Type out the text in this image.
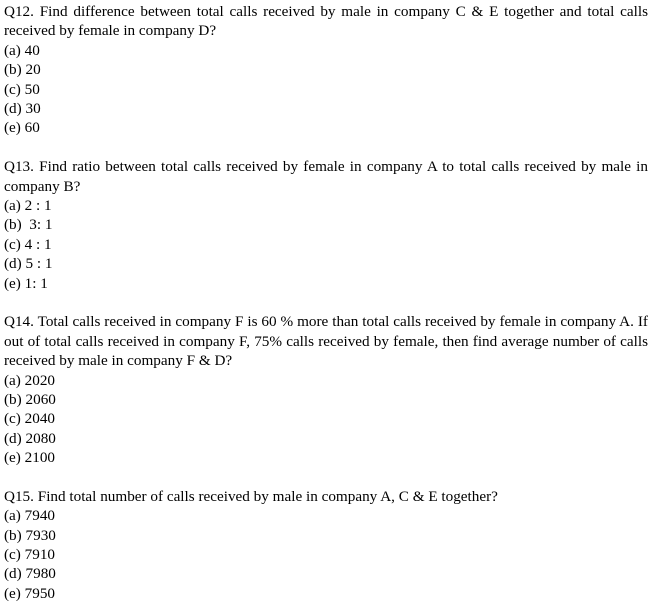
Q12. Find difference between total calls received by male in company C & E together and total calls received by female in company D?

(a) 40
(b) 20
(c) 50
(d) 30
(e) 60

Q13. Find ratio between total calls received by female in company A to total calls received by male in company B?

(a) 2 : 1
(b)  3: 1
(c) 4 : 1
(d) 5 : 1
(e) 1: 1

Q14. Total calls received in company F is 60 % more than total calls received by female in company A. If out of total calls received in company F, 75% calls received by female, then find average number of calls received by male in company F & D?

(a) 2020
(b) 2060
(c) 2040
(d) 2080
(e) 2100

Q15. Find total number of calls received by male in company A, C & E together?

(a) 7940
(b) 7930
(c) 7910
(d) 7980
(e) 7950
